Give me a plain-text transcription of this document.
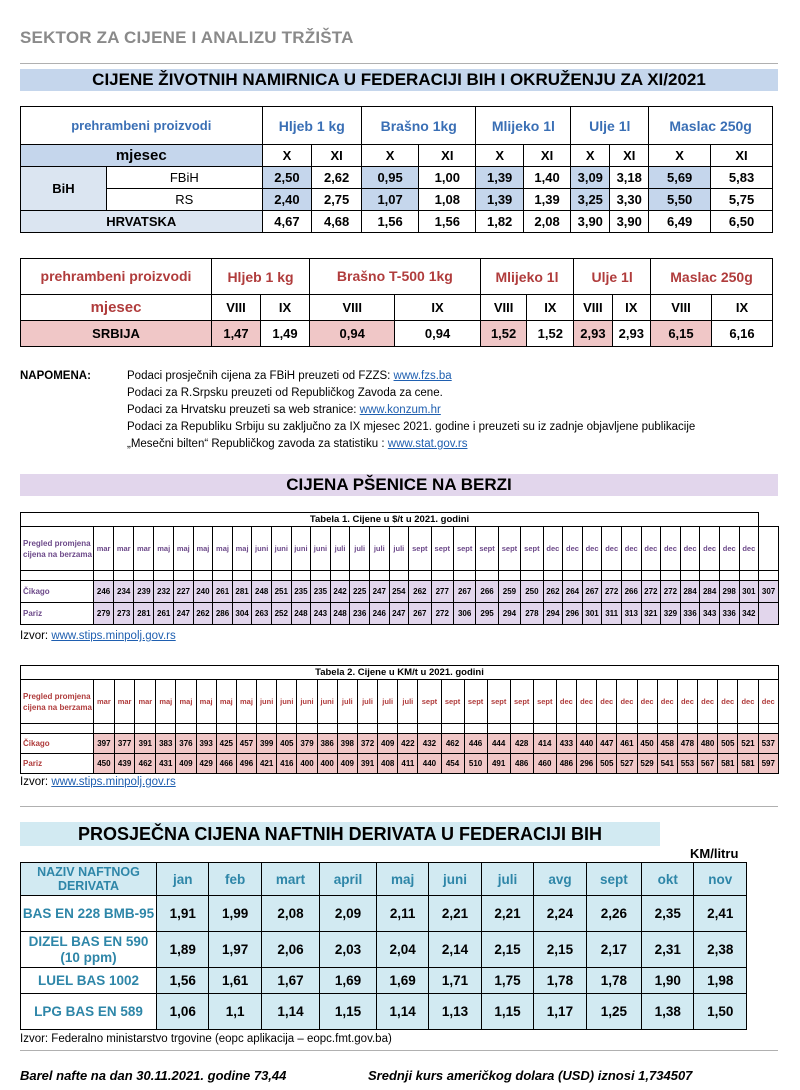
SEKTOR ZA CIJENE I ANALIZU TRŽIŠTA
CIJENE ŽIVOTNIH NAMIRNICA U FEDERACIJI BIH I OKRUŽENJU ZA XI/2021
prehrambeni proizvodi		Hljeb 1 kg		Brašno 1kg		Mlijeko 1l		Ulje 1l		Maslac 250g	
mjesec		X	XI	X	XI	X	XI	X	XI	X	XI
BiH	FBiH	2,50	2,62	0,95	1,00	1,39	1,40	3,09	3,18	5,69	5,83
	RS	2,40	2,75	1,07	1,08	1,39	1,39	3,25	3,30	5,50	5,75
HRVATSKA		4,67	4,68	1,56	1,56	1,82	2,08	3,90	3,90	6,49	6,50
prehrambeni proizvodi	Hljeb 1 kg		Brašno T-500 1kg		Mlijeko 1l		Ulje 1l		Maslac 250g	
mjesec	VIII	IX	VIII	IX	VIII	IX	VIII	IX	VIII	IX
SRBIJA	1,47	1,49	0,94	0,94	1,52	1,52	2,93	2,93	6,15	6,16
NAPOMENA:	Podaci prosječnih cijena za FBiH preuzeti od FZZS: www.fzs.ba
Podaci za R.Srpsku preuzeti od Republičkog Zavoda za cene.
Podaci za Hrvatsku preuzeti sa web stranice: www.konzum.hr
Podaci za Republiku Srbiju su zaključno za IX mjesec 2021. godine i preuzeti su iz zadnje objavljene publikacije
„Mesečni bilten“ Republičkog zavoda za statistiku : www.stat.gov.rs
CIJENA PŠENICE NA BERZI
Tabela 1. Cijene u $/t u 2021. godini																																		
Pregled promjena cijena na berzama	mar	mar	mar	maj	maj	maj	maj	maj	juni	juni	juni	juni	juli	juli	juli	juli	sept	sept	sept	sept	sept	sept	dec	dec	dec	dec	dec	dec	dec	dec	dec	dec	dec	

Čikago	246	234	239	232	227	240	261	281	248	251	235	235	242	225	247	254	262	277	267	266	259	250	262	264	267	272	266	272	272	284	284	298	301	307
Pariz	279	273	281	261	247	262	286	304	263	252	248	243	248	236	246	247	267	272	306	295	294	278	294	296	301	311	313	321	329	336	343	336	342	
Izvor: www.stips.minpolj.gov.rs
Tabela 2. Cijene u KM/t u 2021. godini																																	
Pregled promjena cijena na berzama	mar	mar	mar	maj	maj	maj	maj	maj	juni	juni	juni	juni	juli	juli	juli	juli	sept	sept	sept	sept	sept	sept	dec	dec	dec	dec	dec	dec	dec	dec	dec	dec	dec

Čikago	397	377	391	383	376	393	425	457	399	405	379	386	398	372	409	422	432	462	446	444	428	414	433	440	447	461	450	458	478	480	505	521	537
Pariz	450	439	462	431	409	429	466	496	421	416	400	400	409	391	408	411	440	454	510	491	486	460	486	296	505	527	529	541	553	567	581	581	597
Izvor: www.stips.minpolj.gov.rs
PROSJEČNA CIJENA NAFTNIH DERIVATA U FEDERACIJI BIH
KM/litru
NAZIV NAFTNOG DERIVATA	jan	feb	mart	april	maj	juni	juli	avg	sept	okt	nov
BAS EN 228 BMB-95	1,91	1,99	2,08	2,09	2,11	2,21	2,21	2,24	2,26	2,35	2,41
DIZEL BAS EN 590 (10 ppm)	1,89	1,97	2,06	2,03	2,04	2,14	2,15	2,15	2,17	2,31	2,38
LUEL BAS 1002	1,56	1,61	1,67	1,69	1,69	1,71	1,75	1,78	1,78	1,90	1,98
LPG BAS EN 589	1,06	1,1	1,14	1,15	1,14	1,13	1,15	1,17	1,25	1,38	1,50
Izvor: Federalno ministarstvo trgovine (eopc aplikacija – eopc.fmt.gov.ba)
Barel nafte na dan 30.11.2021. godine 73,44	Srednji kurs američkog dolara (USD) iznosi 1,734507
